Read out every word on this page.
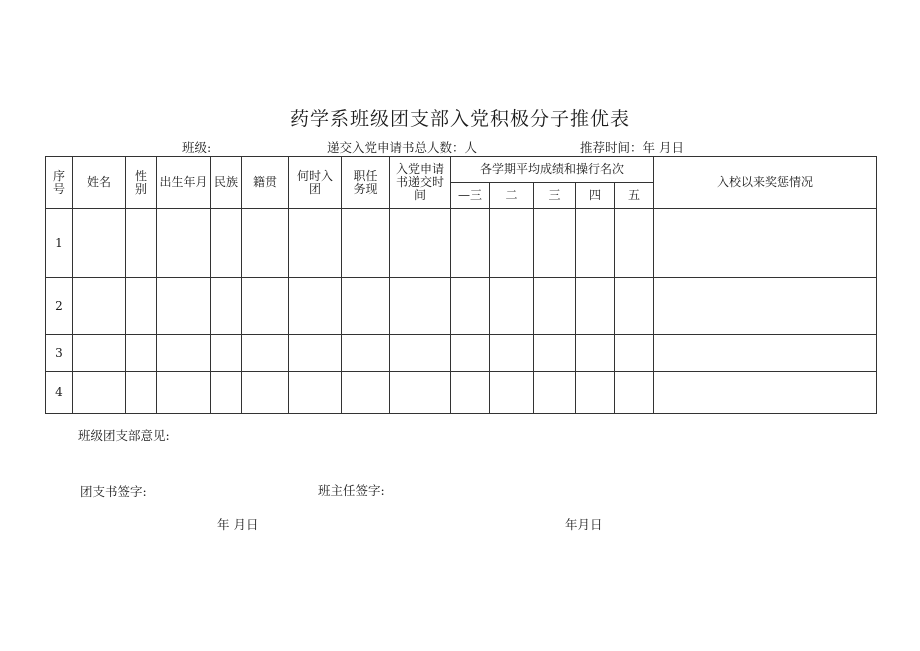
药学系班级团支部入党积极分子推优表
班级:	递交入党申请书总人数：人	推荐时间：年 月日
序号	姓名	性别	出生年月	民族	籍贯	何时入团	职任务现	入党申请书递交时间	各学期平均成绩和操行名次					入校以来奖惩情况
									—三	二	三	四	五	
1														
2														
3														
4														
班级团支部意见:
团支书签字:	班主任签字:
年 月日	年月日
